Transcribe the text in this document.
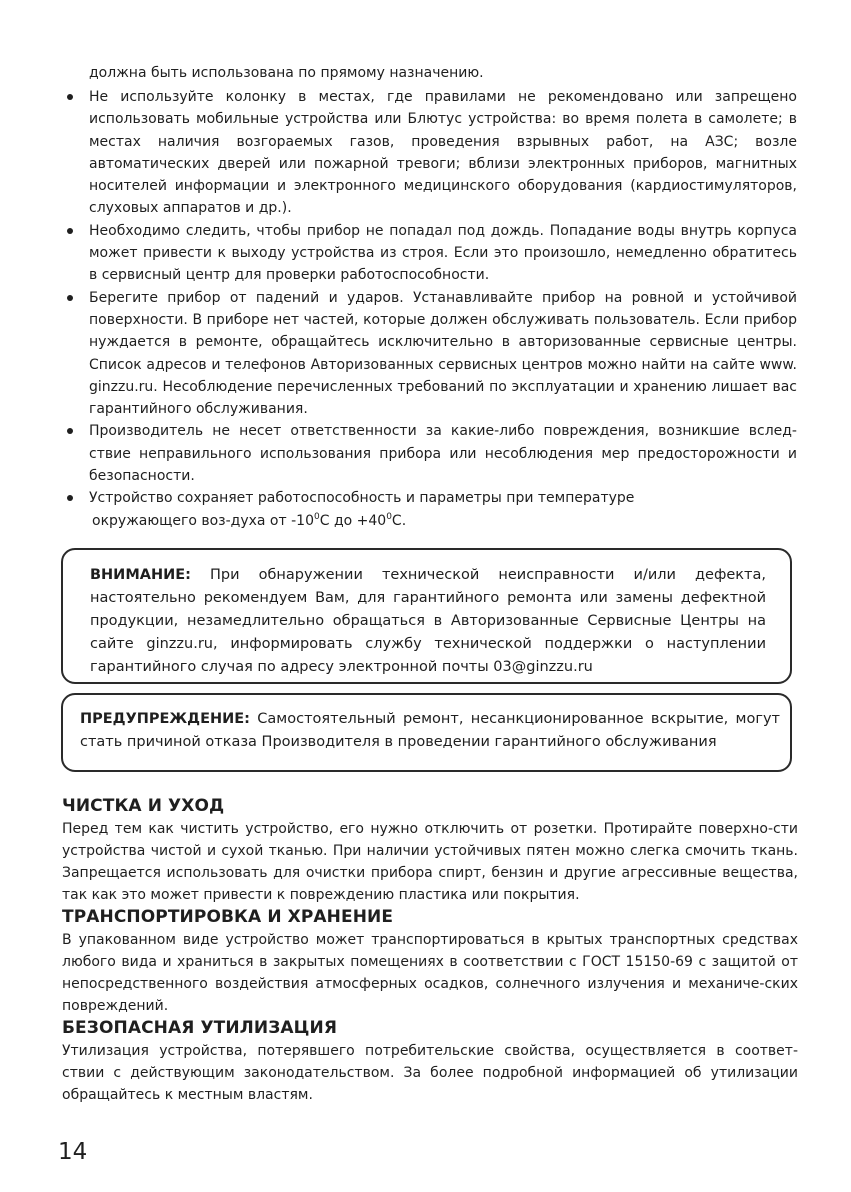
должна быть использована по прямому назначению.

Не используйте колонку в местах, где правилами не рекомендовано или запрещено использовать мобильные устройства или Блютус устройства: во время полета в самолете; в местах наличия возгораемых газов, проведения взрывных работ, на АЗС; возле автоматических дверей или пожарной тревоги; вблизи электронных приборов, магнитных носителей информации и электронного медицинского оборудования (кардиостимуляторов, слуховых аппаратов и др.).
Необходимо следить, чтобы прибор не попадал под дождь. Попадание воды внутрь корпуса может привести к выходу устройства из строя. Если это произошло, немедленно обратитесь в сервисный центр для проверки работоспособности.
Берегите прибор от падений и ударов. Устанавливайте прибор на ровной и устойчивой поверхности. В приборе нет частей, которые должен обслуживать пользователь. Если прибор нуждается в ремонте, обращайтесь исключительно в авторизованные сервисные центры. Список адресов и телефонов Авторизованных сервисных центров можно найти на сайте www. ginzzu.ru. Несоблюдение перечисленных требований по эксплуатации и хранению лишает вас гарантийного обслуживания.
Производитель не несет ответственности за какие-либо повреждения, возникшие вслед-ствие неправильного использования прибора или несоблюдения мер предосторожности и безопасности.
Устройство сохраняет работоспособность и параметры при температуре
окружающего воз-духа от $-10^0С$ до $+40^0С$.

ВНИМАНИЕ: При обнаружении технической неисправности и/или дефекта, настоятельно рекомендуем Вам, для гарантийного ремонта или замены дефектной продукции, незамедлительно обращаться в Авторизованные Сервисные Центры на сайте ginzzu.ru, информировать службу технической поддержки о наступлении гарантийного случая по адресу электронной почты 03@ginzzu.ru

ПРЕДУПРЕЖДЕНИЕ: Самостоятельный ремонт, несанкционированное вскрытие, могут стать причиной отказа Производителя в проведении гарантийного обслуживания

ЧИСТКА И УХОД

Перед тем как чистить устройство, его нужно отключить от розетки. Протирайте поверхно-сти устройства чистой и сухой тканью. При наличии устойчивых пятен можно слегка смочить ткань. Запрещается использовать для очистки прибора спирт, бензин и другие агрессивные вещества, так как это может привести к повреждению пластика или покрытия.

ТРАНСПОРТИРОВКА И ХРАНЕНИЕ

В упакованном виде устройство может транспортироваться в крытых транспортных средствах любого вида и храниться в закрытых помещениях в соответствии с ГОСТ 15150-69 с защитой от непосредственного воздействия атмосферных осадков, солнечного излучения и механиче-ских повреждений.

БЕЗОПАСНАЯ УТИЛИЗАЦИЯ

Утилизация устройства, потерявшего потребительские свойства, осуществляется в соответ-ствии с действующим законодательством. За более подробной информацией об утилизации обращайтесь к местным властям.

14
